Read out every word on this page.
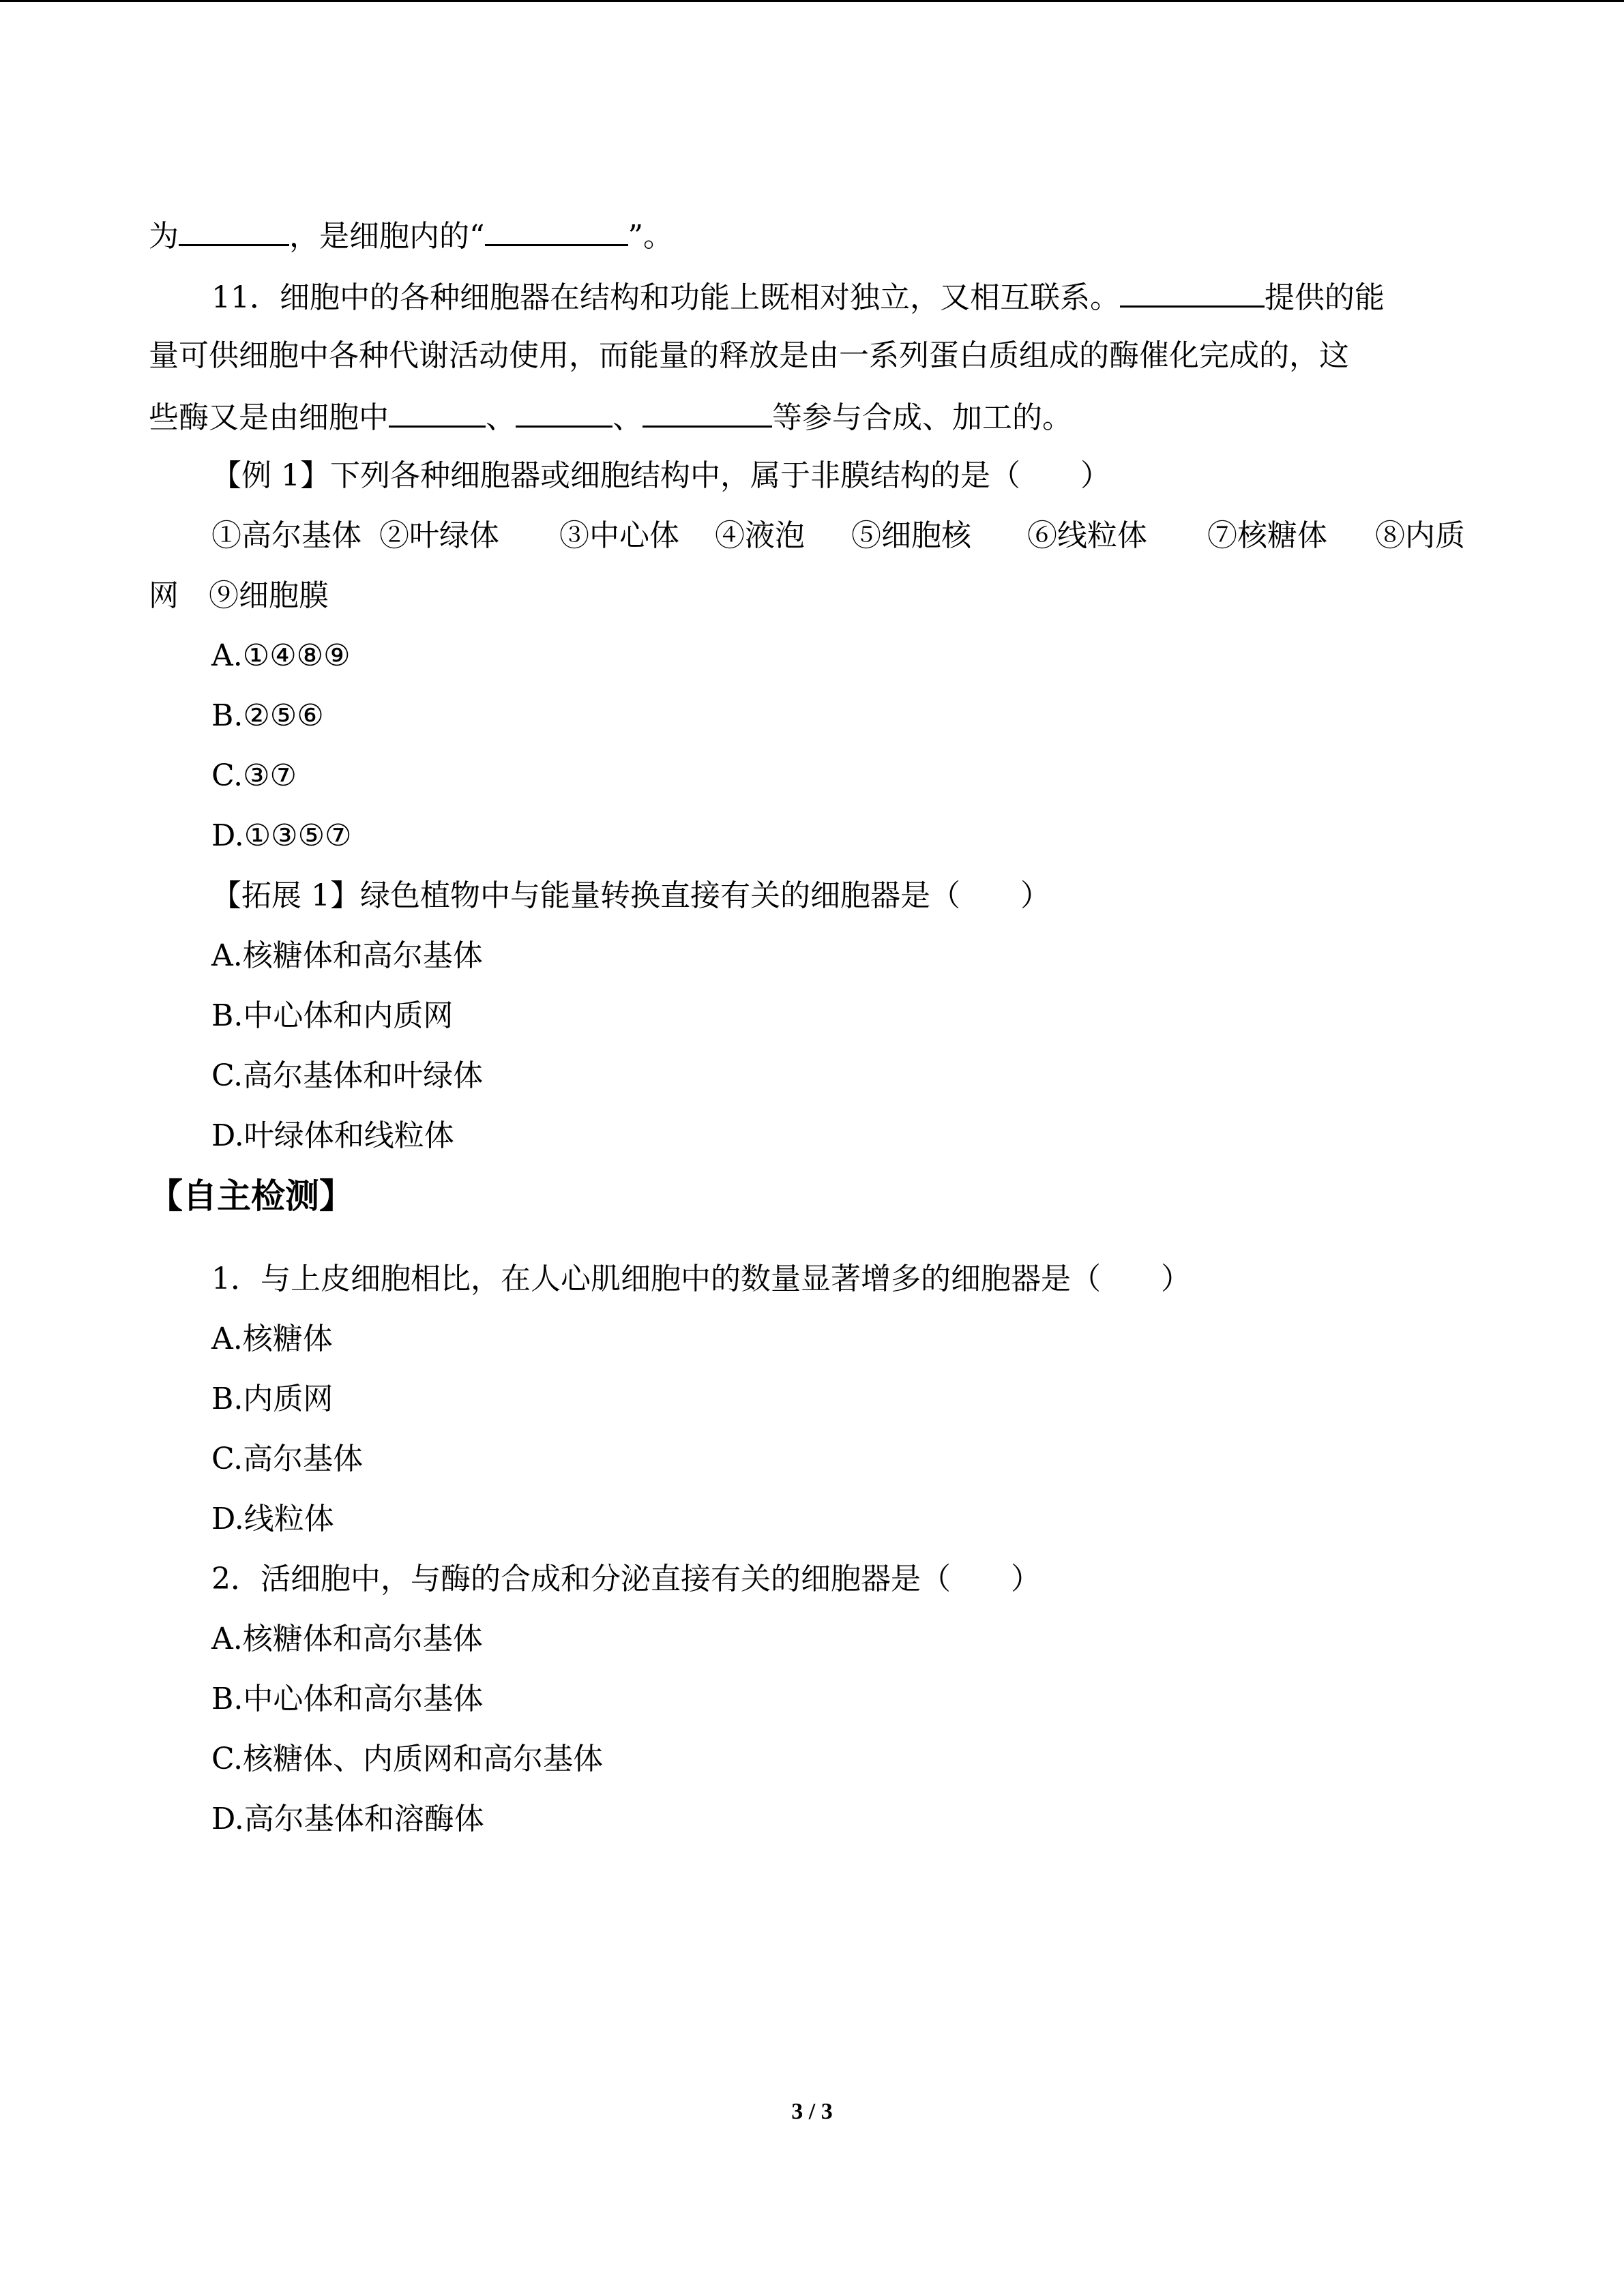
为	，是细胞内的“	”。
11．细胞中的各种细胞器在结构和功能上既相对独立，又相互联系。	提供的能
量可供细胞中各种代谢活动使用，而能量的释放是由一系列蛋白质组成的酶催化完成的，这
些酶又是由细胞中	、	、	等参与合成、加工的。
【例 1】下列各种细胞器或细胞结构中，属于非膜结构的是（　　）
①高尔基体 ②叶绿体 ③中心体 ④液泡 ⑤细胞核 ⑥线粒体 ⑦核糖体 ⑧内质
网　⑨细胞膜
A.①④⑧⑨
B.②⑤⑥
C.③⑦
D.①③⑤⑦
【拓展 1】绿色植物中与能量转换直接有关的细胞器是（　　）
A.核糖体和高尔基体
B.中心体和内质网
C.高尔基体和叶绿体
D.叶绿体和线粒体
【自主检测】
1．与上皮细胞相比，在人心肌细胞中的数量显著增多的细胞器是（　　）
A.核糖体
B.内质网
C.高尔基体
D.线粒体
2．活细胞中，与酶的合成和分泌直接有关的细胞器是（　　）
A.核糖体和高尔基体
B.中心体和高尔基体
C.核糖体、内质网和高尔基体
D.高尔基体和溶酶体
3 / 3
